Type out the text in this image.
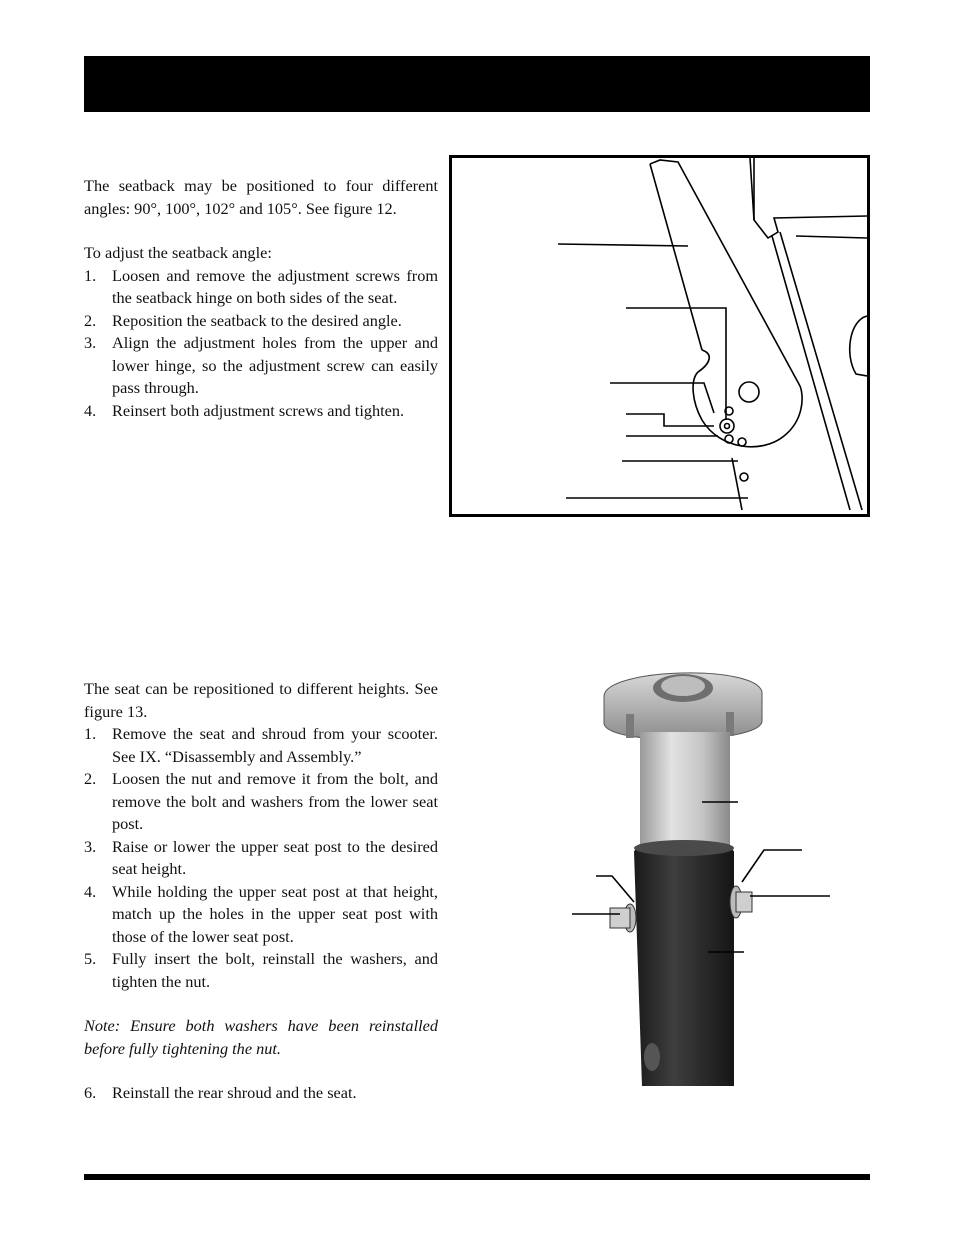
The seatback may be positioned to four different angles: 90°, 100°, 102° and 105°. See figure 12.

To adjust the seatback angle:

1. Loosen and remove the adjustment screws from the seatback hinge on both sides of the seat.
2. Reposition the seatback to the desired angle.
3. Align the adjustment holes from the upper and lower hinge, so the adjustment screw can easily pass through.
4. Reinsert both adjustment screws and tighten.

The seat can be repositioned to different heights. See figure 13.

1. Remove the seat and shroud from your scooter. See IX. “Disassembly and Assembly.”
2. Loosen the nut and remove it from the bolt, and remove the bolt and washers from the lower seat post.
3. Raise or lower the upper seat post to the desired seat height.
4. While holding the upper seat post at that height, match up the holes in the upper seat post with those of the lower seat post.
5. Fully insert the bolt, reinstall the washers, and tighten the nut.

Note: Ensure both washers have been reinstalled before fully tightening the nut.

6. Reinstall the rear shroud and the seat.
